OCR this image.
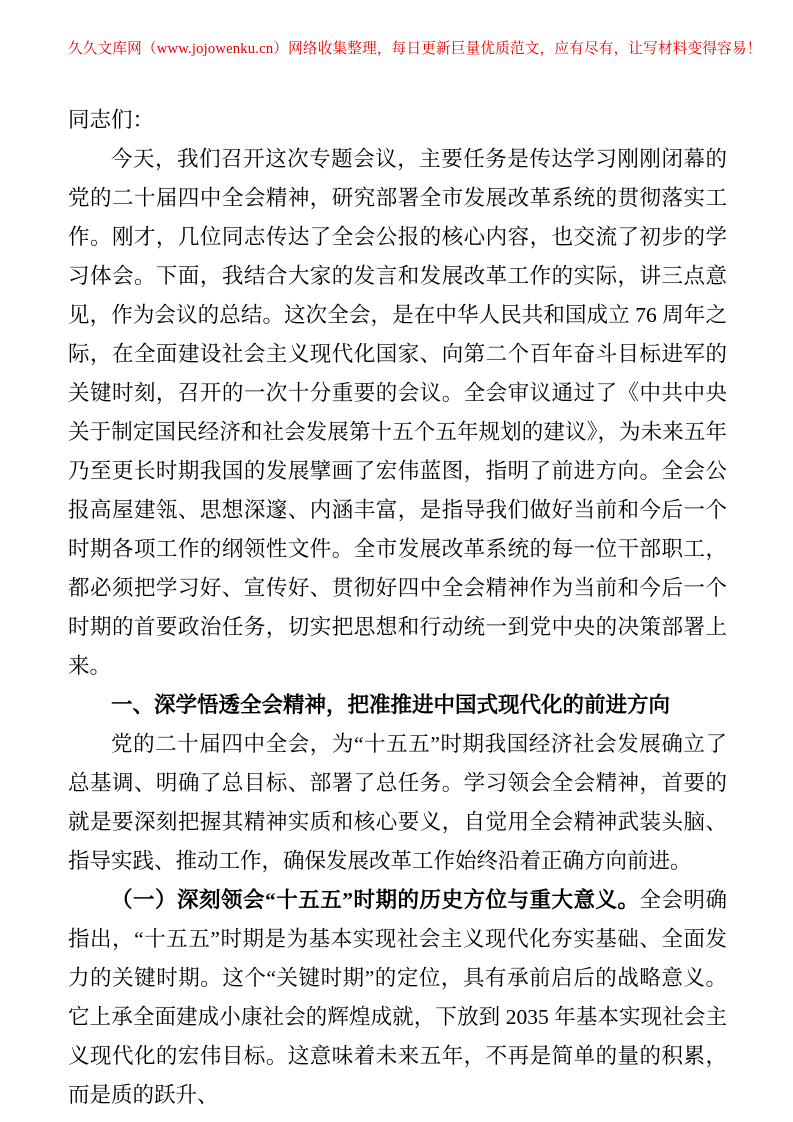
久久文库网（www.jojowenku.cn）网络收集整理，每日更新巨量优质范文，应有尽有，让写材料变得容易！

同志们：

今天，我们召开这次专题会议，主要任务是传达学习刚刚闭幕的党的二十届四中全会精神，研究部署全市发展改革系统的贯彻落实工作。刚才，几位同志传达了全会公报的核心内容，也交流了初步的学习体会。下面，我结合大家的发言和发展改革工作的实际，讲三点意见，作为会议的总结。这次全会，是在中华人民共和国成立 76 周年之际，在全面建设社会主义现代化国家、向第二个百年奋斗目标进军的关键时刻，召开的一次十分重要的会议。全会审议通过了《中共中央关于制定国民经济和社会发展第十五个五年规划的建议》，为未来五年乃至更长时期我国的发展擘画了宏伟蓝图，指明了前进方向。全会公报高屋建瓴、思想深邃、内涵丰富，是指导我们做好当前和今后一个时期各项工作的纲领性文件。全市发展改革系统的每一位干部职工，都必须把学习好、宣传好、贯彻好四中全会精神作为当前和今后一个时期的首要政治任务，切实把思想和行动统一到党中央的决策部署上来。

一、深学悟透全会精神，把准推进中国式现代化的前进方向

党的二十届四中全会，为“十五五”时期我国经济社会发展确立了总基调、明确了总目标、部署了总任务。学习领会全会精神，首要的就是要深刻把握其精神实质和核心要义，自觉用全会精神武装头脑、指导实践、推动工作，确保发展改革工作始终沿着正确方向前进。

（一）深刻领会“十五五”时期的历史方位与重大意义。全会明确指出，“十五五”时期是为基本实现社会主义现代化夯实基础、全面发力的关键时期。这个“关键时期”的定位，具有承前启后的战略意义。它上承全面建成小康社会的辉煌成就，下放到 2035 年基本实现社会主义现代化的宏伟目标。这意味着未来五年，不再是简单的量的积累，而是质的跃升、
